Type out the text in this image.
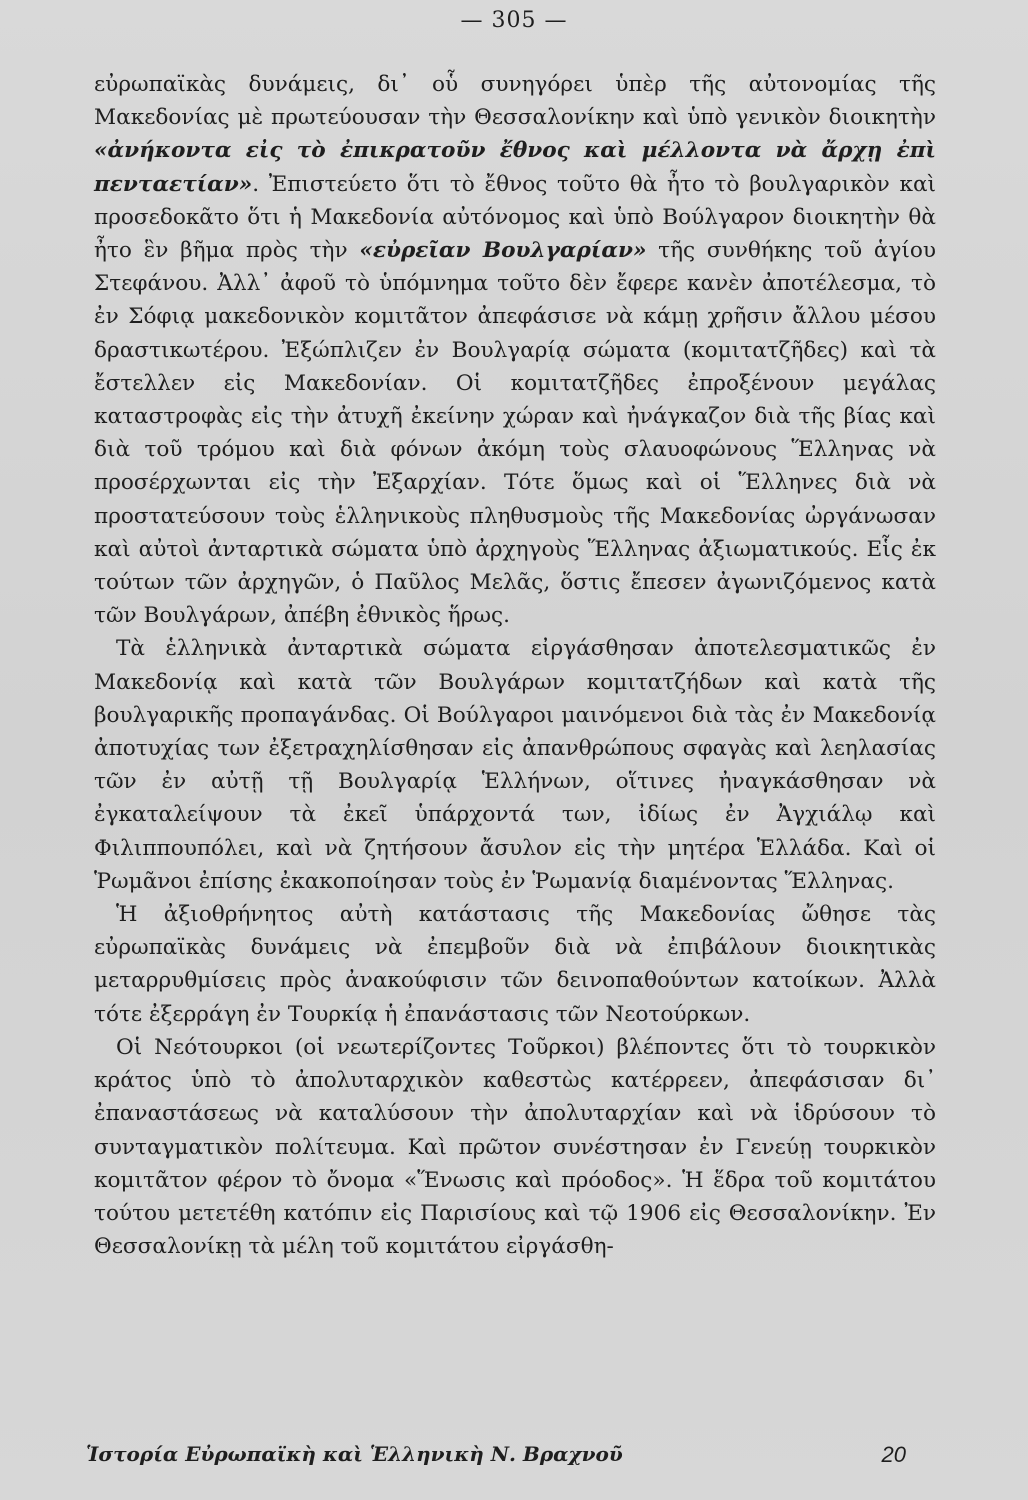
— 305 —

εὐρωπαϊκὰς δυνάμεις, δι᾿ οὗ συνηγόρει ὑπὲρ τῆς αὐτονομίας τῆς Μακεδονίας μὲ πρωτεύουσαν τὴν Θεσσαλονίκην καὶ ὑπὸ γενικὸν διοικητὴν «ἀνήκοντα εἰς τὸ ἐπικρατοῦν ἔθνος καὶ μέλλοντα νὰ ἄρχῃ ἐπὶ πενταετίαν». Ἐπιστεύετο ὅτι τὸ ἔθνος τοῦτο θὰ ἦτο τὸ βουλγαρικὸν καὶ προσεδοκᾶτο ὅτι ἡ Μακεδονία αὐτόνομος καὶ ὑπὸ Βούλγαρον διοικητὴν θὰ ἦτο ἓν βῆμα πρὸς τὴν «εὐρεῖαν Βουλγαρίαν» τῆς συνθήκης τοῦ ἁγίου Στεφάνου. Ἀλλ᾿ ἀφοῦ τὸ ὑπόμνημα τοῦτο δὲν ἔφερε κανὲν ἀποτέλεσμα, τὸ ἐν Σόφιᾳ μακεδονικὸν κομιτᾶτον ἀπεφάσισε νὰ κάμῃ χρῆσιν ἄλλου μέσου δραστικωτέρου. Ἐξώπλιζεν ἐν Βουλγαρίᾳ σώματα (κομιτατζῆδες) καὶ τὰ ἔστελλεν εἰς Μακεδονίαν. Οἱ κομιτατζῆδες ἐπροξένουν μεγάλας καταστροφὰς εἰς τὴν ἀτυχῆ ἐκείνην χώραν καὶ ἠνάγκαζον διὰ τῆς βίας καὶ διὰ τοῦ τρόμου καὶ διὰ φόνων ἀκόμη τοὺς σλαυοφώνους Ἕλληνας νὰ προσέρχωνται εἰς τὴν Ἐξαρχίαν. Τότε ὅμως καὶ οἱ Ἕλληνες διὰ νὰ προστατεύσουν τοὺς ἑλληνικοὺς πληθυσμοὺς τῆς Μακεδονίας ὠργάνωσαν καὶ αὐτοὶ ἀνταρτικὰ σώματα ὑπὸ ἀρχηγοὺς Ἕλληνας ἀξιωματικούς. Εἷς ἐκ τούτων τῶν ἀρχηγῶν, ὁ Παῦλος Μελᾶς, ὅστις ἔπεσεν ἀγωνιζόμενος κατὰ τῶν Βουλγάρων, ἀπέβη ἐθνικὸς ἥρως.

Τὰ ἑλληνικὰ ἀνταρτικὰ σώματα εἰργάσθησαν ἀποτελεσματικῶς ἐν Μακεδονίᾳ καὶ κατὰ τῶν Βουλγάρων κομιτατζήδων καὶ κατὰ τῆς βουλγαρικῆς προπαγάνδας. Οἱ Βούλγαροι μαινόμενοι διὰ τὰς ἐν Μακεδονίᾳ ἀποτυχίας των ἐξετραχηλίσθησαν εἰς ἀπανθρώπους σφαγὰς καὶ λεηλασίας τῶν ἐν αὐτῇ τῇ Βουλγαρίᾳ Ἑλλήνων, οἵτινες ἠναγκάσθησαν νὰ ἐγκαταλείψουν τὰ ἐκεῖ ὑπάρχοντά των, ἰδίως ἐν Ἀγχιάλῳ καὶ Φιλιππουπόλει, καὶ νὰ ζητήσουν ἄσυλον εἰς τὴν μητέρα Ἑλλάδα. Καὶ οἱ Ῥωμᾶνοι ἐπίσης ἐκακοποίησαν τοὺς ἐν Ῥωμανίᾳ διαμένοντας Ἕλληνας.

Ἡ ἀξιοθρήνητος αὐτὴ κατάστασις τῆς Μακεδονίας ὤθησε τὰς εὐρωπαϊκὰς δυνάμεις νὰ ἐπεμβοῦν διὰ νὰ ἐπιβάλουν διοικητικὰς μεταρρυθμίσεις πρὸς ἀνακούφισιν τῶν δεινοπαθούντων κατοίκων. Ἀλλὰ τότε ἐξερράγη ἐν Τουρκίᾳ ἡ ἐπανάστασις τῶν Νεοτούρκων.

Οἱ Νεότουρκοι (οἱ νεωτερίζοντες Τοῦρκοι) βλέποντες ὅτι τὸ τουρκικὸν κράτος ὑπὸ τὸ ἀπολυταρχικὸν καθεστὼς κατέρρεεν, ἀπεφάσισαν δι᾿ ἐπαναστάσεως νὰ καταλύσουν τὴν ἀπολυταρχίαν καὶ νὰ ἱδρύσουν τὸ συνταγματικὸν πολίτευμα. Καὶ πρῶτον συνέστησαν ἐν Γενεύῃ τουρκικὸν κομιτᾶτον φέρον τὸ ὄνομα «Ἕνωσις καὶ πρόοδος». Ἡ ἕδρα τοῦ κομιτάτου τούτου μετετέθη κατόπιν εἰς Παρισίους καὶ τῷ 1906 εἰς Θεσσαλονίκην. Ἐν Θεσσαλονίκῃ τὰ μέλη τοῦ κομιτάτου εἰργάσθη-

Ἱστορία Εὐρωπαϊκὴ καὶ Ἑλληνικὴ Ν. Βραχνοῦ	20
